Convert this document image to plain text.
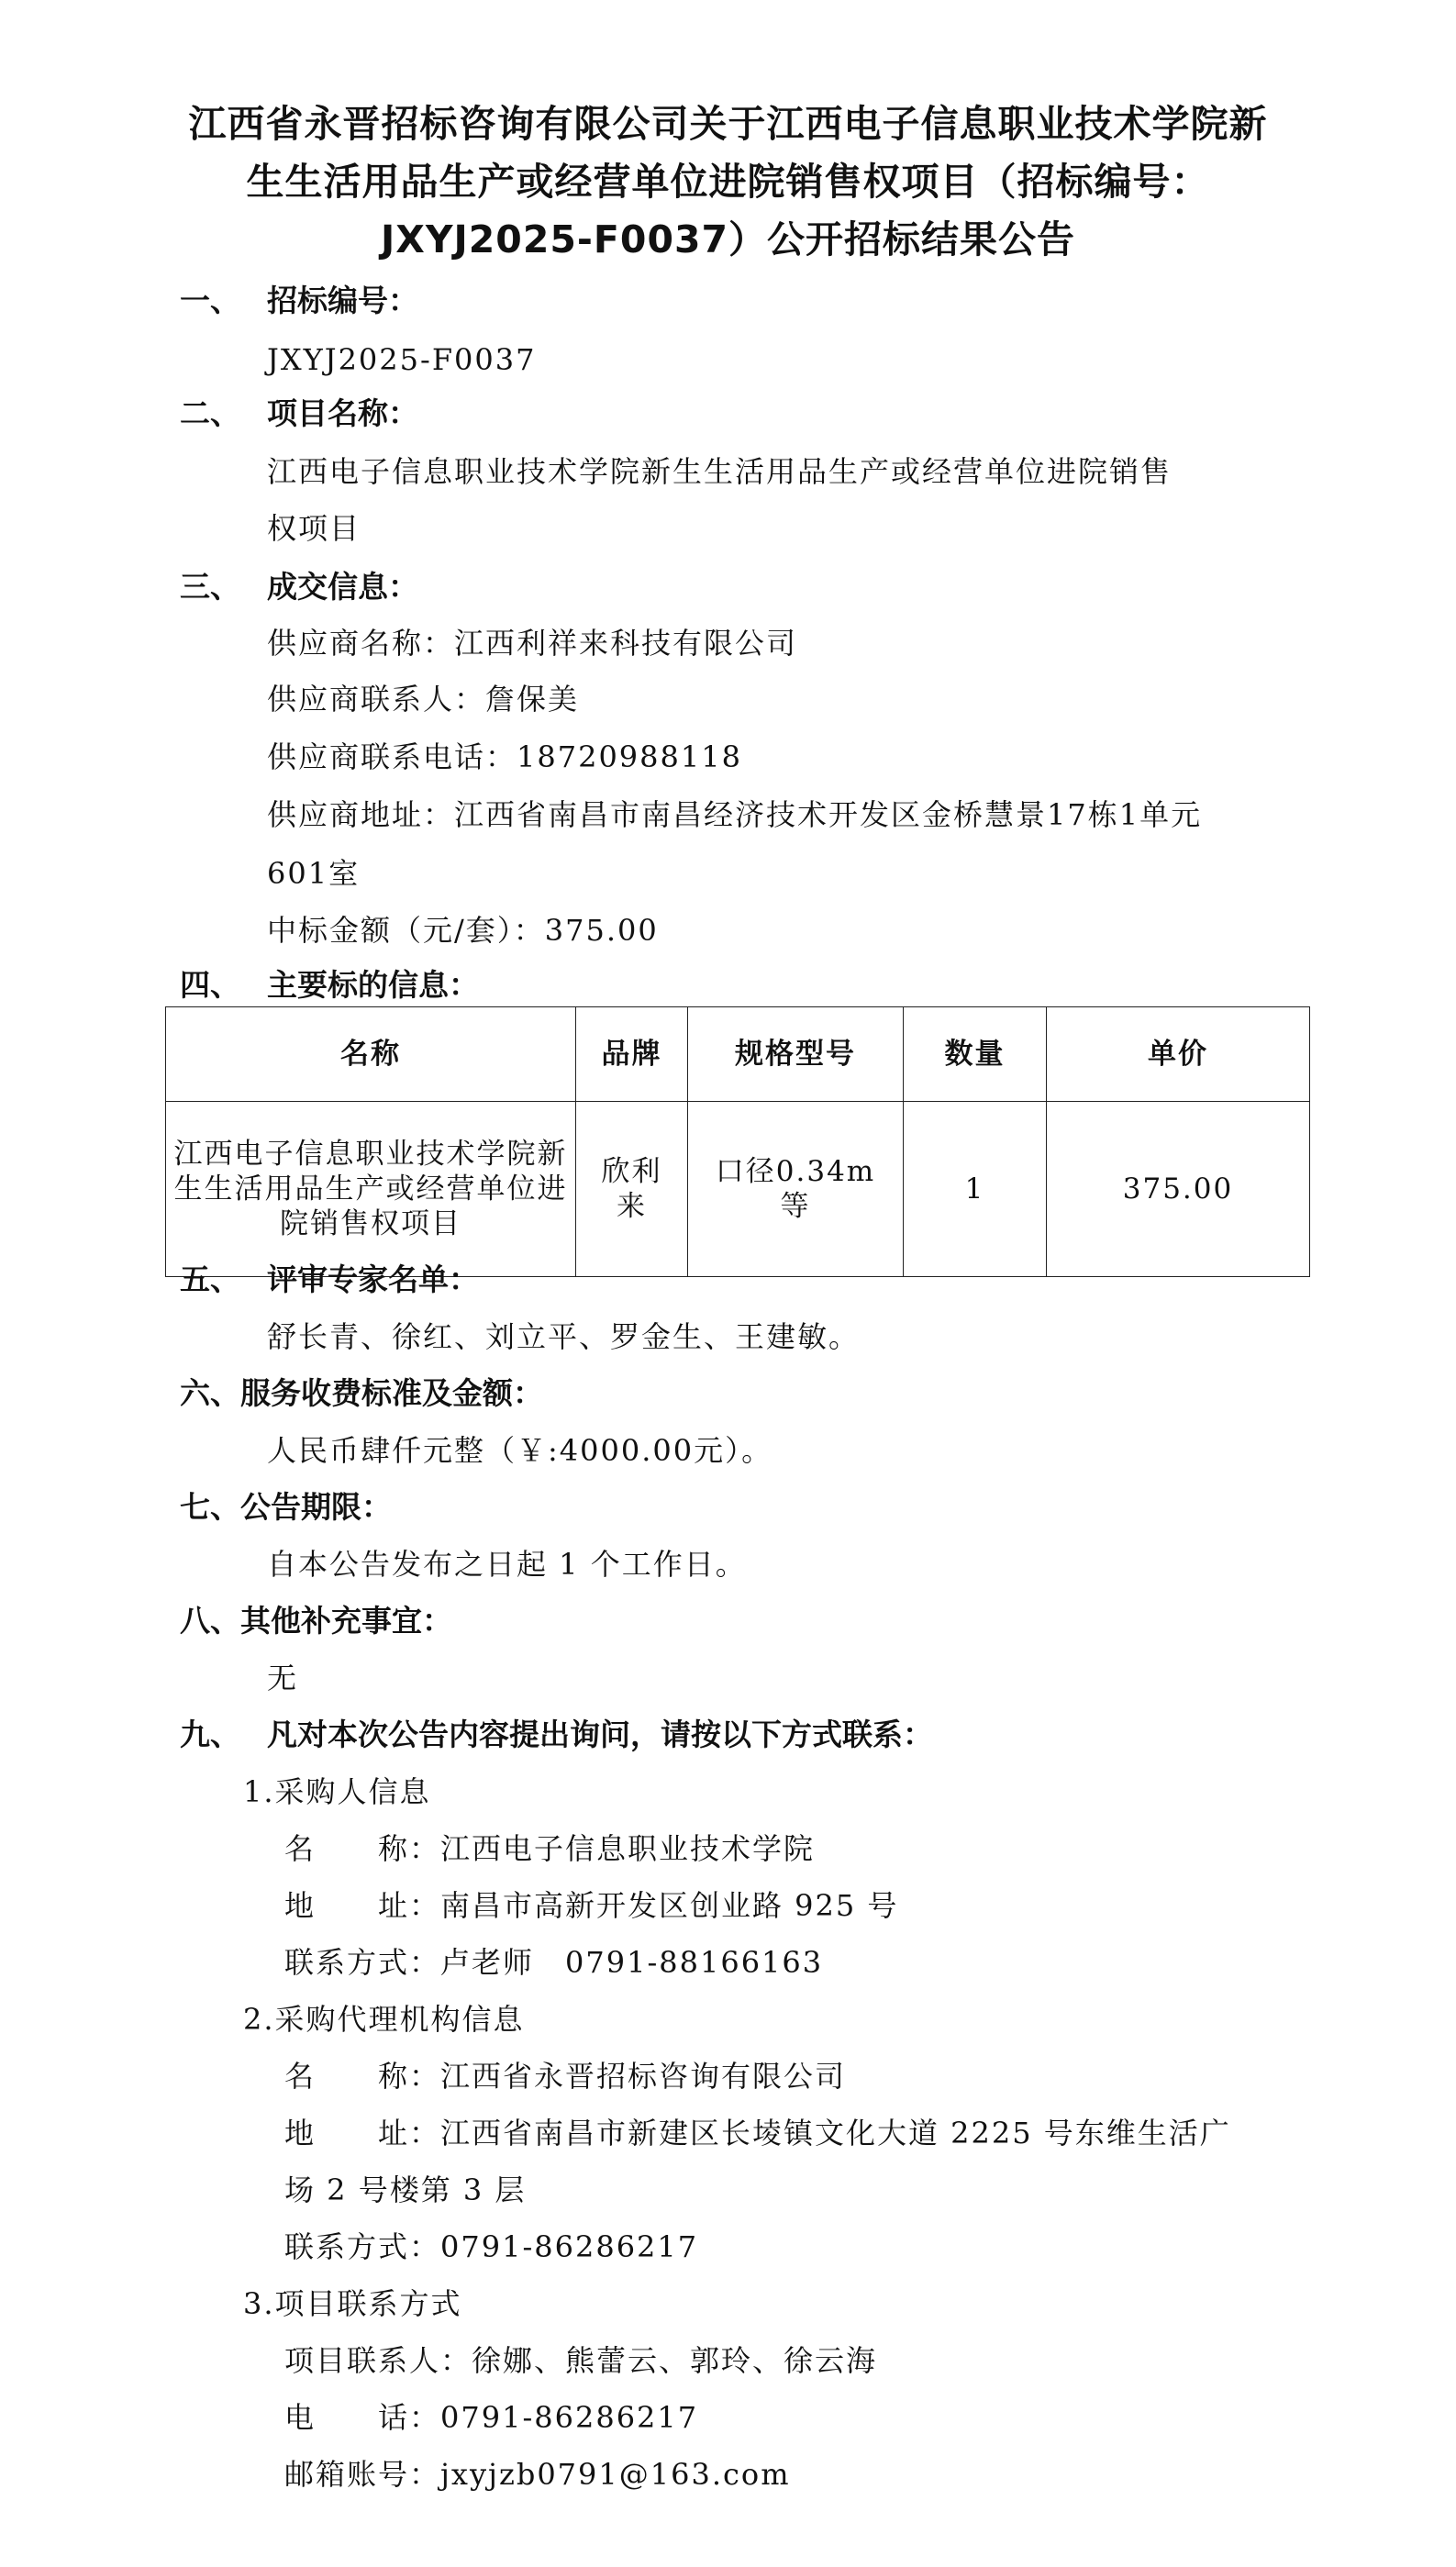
江西省永晋招标咨询有限公司关于江西电子信息职业技术学院新
生生活用品生产或经营单位进院销售权项目（招标编号：
JXYJ2025-F0037）公开招标结果公告
一、 招标编号：
JXYJ2025-F0037
二、 项目名称：
江西电子信息职业技术学院新生生活用品生产或经营单位进院销售
权项目
三、 成交信息：
供应商名称：江西利祥来科技有限公司
供应商联系人：詹保美
供应商联系电话：18720988118
供应商地址：江西省南昌市南昌经济技术开发区金桥慧景17栋1单元
601室
中标金额（元/套）：375.00
四、 主要标的信息：
名称	品牌	规格型号	数量	单价
江西电子信息职业技术学院新生生活用品生产或经营单位进院销售权项目	欣利来	口径0.34m等	1	375.00
五、 评审专家名单：
舒长青、徐红、刘立平、罗金生、王建敏。
六、服务收费标准及金额：
人民币肆仟元整（￥:4000.00元）。
七、公告期限：
自本公告发布之日起 1 个工作日。
八、其他补充事宜：
无
九、 凡对本次公告内容提出询问，请按以下方式联系：
1.采购人信息
名　　称：江西电子信息职业技术学院
地　　址：南昌市高新开发区创业路 925 号
联系方式：卢老师　0791-88166163
2.采购代理机构信息
名　　称：江西省永晋招标咨询有限公司
地　　址：江西省南昌市新建区长堎镇文化大道 2225 号东维生活广
场 2 号楼第 3 层
联系方式：0791-86286217
3.项目联系方式
项目联系人：徐娜、熊蕾云、郭玲、徐云海
电　　话：0791-86286217
邮箱账号：jxyjzb0791@163.com
